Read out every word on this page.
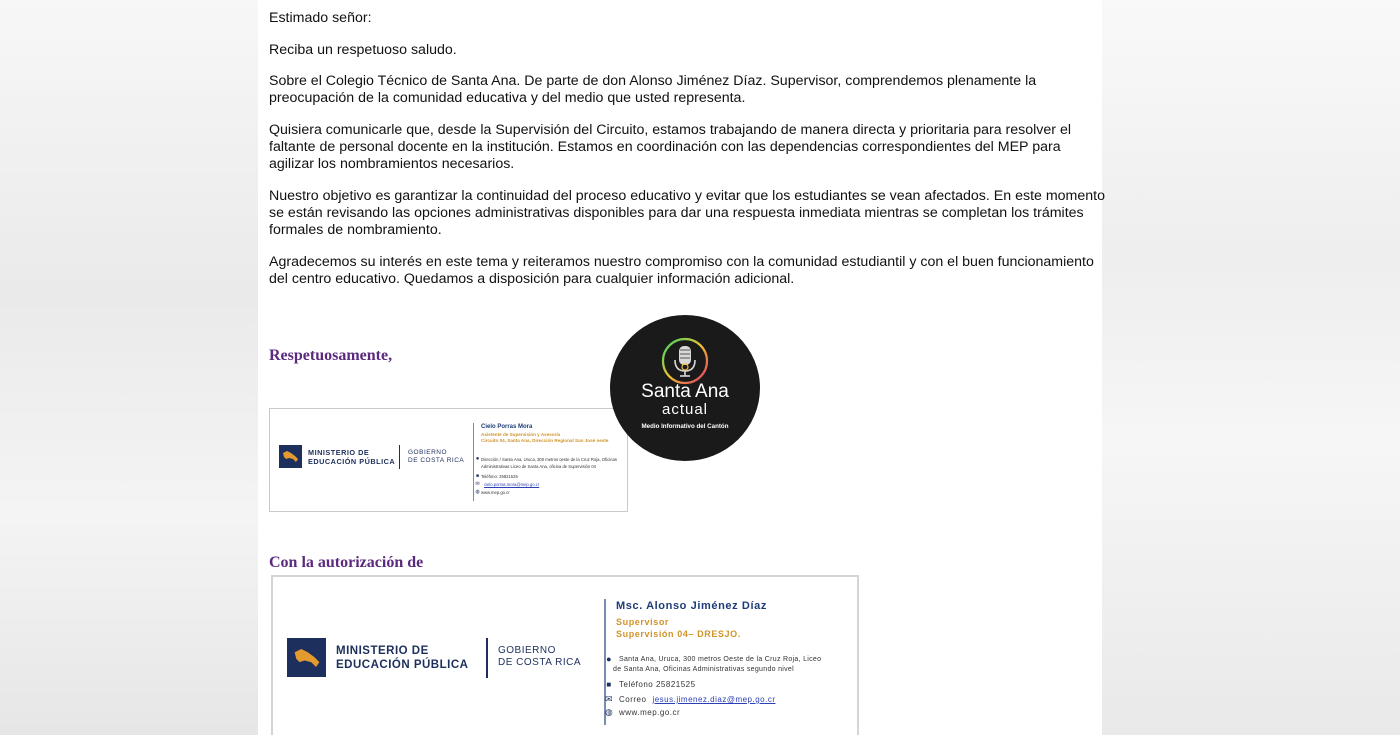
Estimado señor:

Reciba un respetuoso saludo.

Sobre el Colegio Técnico de Santa Ana. De parte de don Alonso Jiménez Díaz. Supervisor, comprendemos plenamente la preocupación de la comunidad educativa y del medio que usted representa.

Quisiera comunicarle que, desde la Supervisión del Circuito, estamos trabajando de manera directa y prioritaria para resolver el faltante de personal docente en la institución. Estamos en coordinación con las dependencias correspondientes del MEP para agilizar los nombramientos necesarios.

Nuestro objetivo es garantizar la continuidad del proceso educativo y evitar que los estudiantes se vean afectados. En este momento se están revisando las opciones administrativas disponibles para dar una respuesta inmediata mientras se completan los trámites formales de nombramiento.

Agradecemos su interés en este tema y reiteramos nuestro compromiso con la comunidad estudiantil y con el buen funcionamiento del centro educativo. Quedamos a disposición para cualquier información adicional.

Respetuosamente,
MINISTERIO DE
EDUCACIÓN PÚBLICA
GOBIERNO
DE COSTA RICA
Cielo Porras Mora
Asistente de Supervisión y Asesoría
Circuito 04, Santa Ana, Dirección Regional San José oeste
● Dirección / Santa Ana, Uruca, 300 metros oeste de la Cruz Roja, Oficinas
Administrativas Liceo de Santa Ana, oficina de Supervisión 04
■ Teléfono: 25821525
✉	cielo.porras.mora@mep.go.cr
◍ www.mep.go.cr
Santa Ana
actual
Medio Informativo del Cantón
Con la autorización de
MINISTERIO DE
EDUCACIÓN PÚBLICA
GOBIERNO
DE COSTA RICA
Msc. Alonso Jiménez Díaz
Supervisor
Supervisión 04– DRESJO.
●	Santa Ana, Uruca, 300 metros Oeste de la Cruz Roja, Liceo
de Santa Ana, Oficinas Administrativas segundo nivel
■ Teléfono 25821525
✉ Correo jesus.jimenez.diaz@mep.go.cr
◍ www.mep.go.cr
